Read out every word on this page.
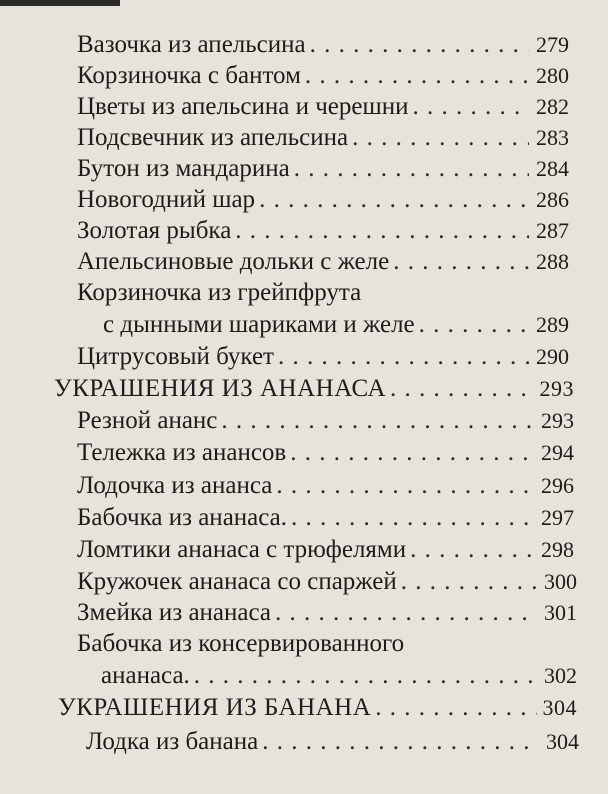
Вазочка из апельсина . . .	279
Корзиночка с бантом . . .	280
Цветы из апельсина и черешни . . .	282
Подсвечник из апельсина . . .	283
Бутон из мандарина . . .	284
Новогодний шар . . .	286
Золотая рыбка . . .	287
Апельсиновые дольки с желе . . .	288
Корзиночка из грейпфрута
с дынными шариками и желе . . .	289
Цитрусовый букет . . .	290
УКРАШЕНИЯ ИЗ АНАНАСА . . .	293
Резной ананс . . .	293
Тележка из анансов . . .	294
Лодочка из ананса . . .	296
Бабочка из ананаса. . . .	297
Ломтики ананаса с трюфелями . . .	298
Кружочек ананаса со спаржей . . .	300
Змейка из ананаса . . .	301
Бабочка из консервированного
ананаса. . . .	302
УКРАШЕНИЯ ИЗ БАНАНА . . .	304
Лодка из банана . . .	304
